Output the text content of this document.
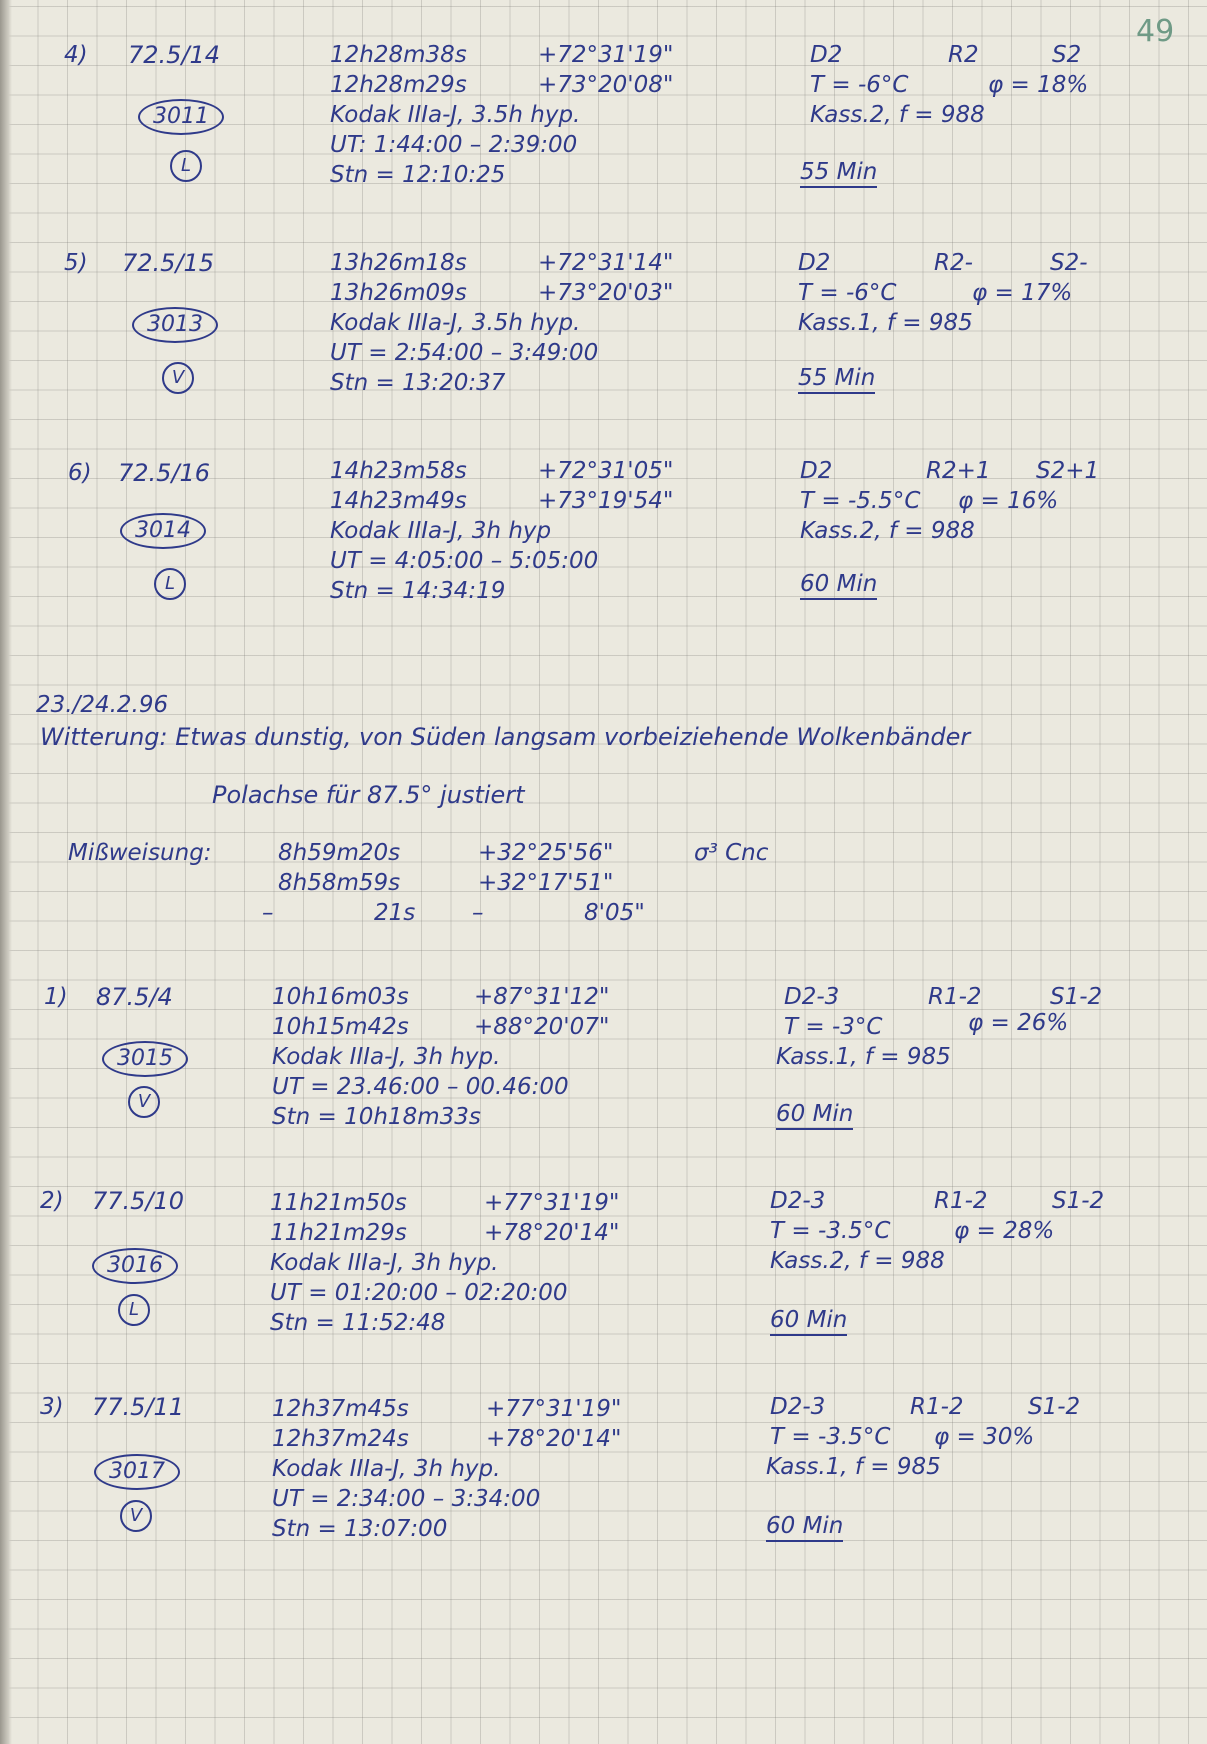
49
4) 72.5/14
3011
L
12h28m38s	+72°31'19"
12h28m29s	+73°20'08"
Kodak IIIa-J, 3.5h hyp.
UT: 1:44:00 – 2:39:00
Stn = 12:10:25
D2	R2	S2
T = -6°C	φ = 18%
Kass.2, f = 988
55 Min
5) 72.5/15
3013
V
13h26m18s	+72°31'14"
13h26m09s	+73°20'03"
Kodak IIIa-J, 3.5h hyp.
UT = 2:54:00 – 3:49:00
Stn = 13:20:37
D2	R2-	S2-
T = -6°C	φ = 17%
Kass.1, f = 985
55 Min
6) 72.5/16
3014
L
14h23m58s	+72°31'05"
14h23m49s	+73°19'54"
Kodak IIIa-J, 3h hyp
UT = 4:05:00 – 5:05:00
Stn = 14:34:19
D2	R2+1 S2+1
T = -5.5°C φ = 16%
Kass.2, f = 988
60 Min
23./24.2.96
Witterung: Etwas dunstig, von Süden langsam vorbeiziehende Wolkenbänder
Polachse für 87.5° justiert
Mißweisung:	8h59m20s	+32°25'56"	σ³ Cnc
8h58m59s	+32°17'51"
–	21s –	8'05"
1) 87.5/4
3015
V
10h16m03s	+87°31'12"
10h15m42s	+88°20'07"
Kodak IIIa-J, 3h hyp.
UT = 23.46:00 – 00.46:00
Stn = 10h18m33s
D2-3	R1-2	S1-2
T = -3°C	φ = 26%
Kass.1, f = 985
60 Min
2) 77.5/10
3016
L
11h21m50s	+77°31'19"
11h21m29s	+78°20'14"
Kodak IIIa-J, 3h hyp.
UT = 01:20:00 – 02:20:00
Stn = 11:52:48
D2-3	R1-2	S1-2
T = -3.5°C	φ = 28%
Kass.2, f = 988
60 Min
3) 77.5/11
3017
V
12h37m45s	+77°31'19"
12h37m24s	+78°20'14"
Kodak IIIa-J, 3h hyp.
UT = 2:34:00 – 3:34:00
Stn = 13:07:00
D2-3	R1-2	S1-2
T = -3.5°C φ = 30%
Kass.1, f = 985
60 Min
